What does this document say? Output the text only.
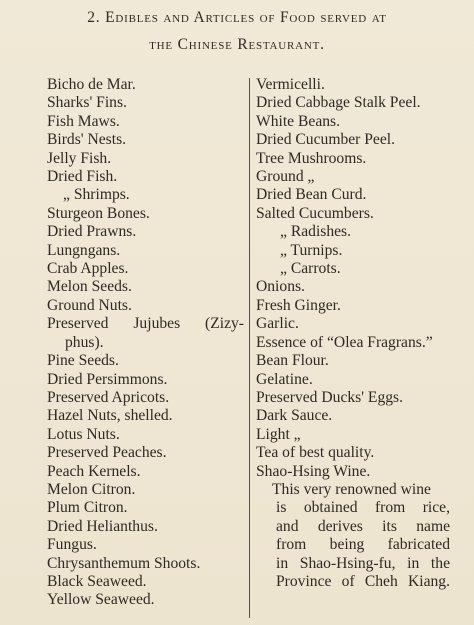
2. Edibles and Articles of Food served at
the Chinese Restaurant.
Bicho de Mar.
Sharks' Fins.
Fish Maws.
Birds' Nests.
Jelly Fish.
Dried Fish.
„ Shrimps.
Sturgeon Bones.
Dried Prawns.
Lungngans.
Crab Apples.
Melon Seeds.
Ground Nuts.
Preserved Jujubes (Zizy-
phus).
Pine Seeds.
Dried Persimmons.
Preserved Apricots.
Hazel Nuts, shelled.
Lotus Nuts.
Preserved Peaches.
Peach Kernels.
Melon Citron.
Plum Citron.
Dried Helianthus.
Fungus.
Chrysanthemum Shoots.
Black Seaweed.
Yellow Seaweed.
Vermicelli.
Dried Cabbage Stalk Peel.
White Beans.
Dried Cucumber Peel.
Tree Mushrooms.
Ground „
Dried Bean Curd.
Salted Cucumbers.
„ Radishes.
„ Turnips.
„ Carrots.
Onions.
Fresh Ginger.
Garlic.
Essence of “Olea Fragrans.”
Bean Flour.
Gelatine.
Preserved Ducks' Eggs.
Dark Sauce.
Light „
Tea of best quality.
Shao-Hsing Wine.
This very renowned wine
is obtained from rice,
and derives its name
from being fabricated
in Shao-Hsing-fu, in the
Province of Cheh Kiang.
